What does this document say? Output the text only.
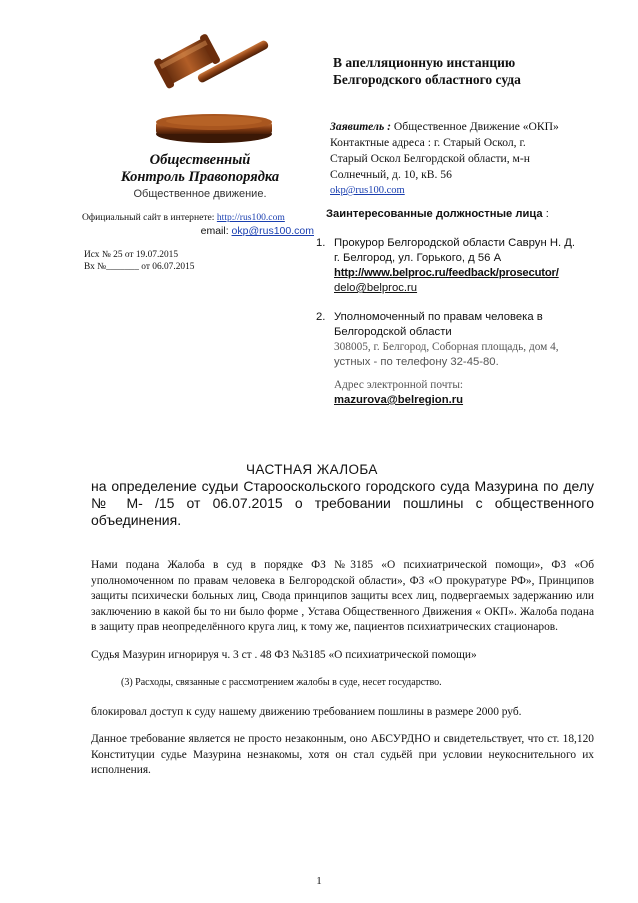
Общественный
Контроль Правопорядка
Общественное движение.
Официальный сайт в интернете: http://rus100.com
email: okp@rus100.com
Исх № 25 от 19.07.2015
Вх №_______ от 06.07.2015
В апелляционную инстанцию
Белгородского областного суда
Заявитель : Общественное Движение «ОКП»
Контактные адреса : г. Старый Оскол, г.
Старый Оскол Белгордской области, м-н
Солнечный, д. 10, кВ. 56
okp@rus100.com
Заинтересованные должностные лица :
1. Прокурор Белгородской области Саврун Н. Д.
г. Белгород, ул. Горького, д 56 А
http://www.belproc.ru/feedback/prosecutor/
delo@belproc.ru
2. Уполномоченный по правам человека в
Белгородской области
308005, г. Белгород, Соборная площадь, дом 4,
устных - по телефону 32-45-80.
Адрес электронной почты:
mazurova@belregion.ru
ЧАСТНАЯ ЖАЛОБА
на определение судьи Старооскольского городского суда Мазурина по делу № М- /15 от 06.07.2015 о требовании пошлины с общественного объединения.

Нами подана Жалоба в суд в порядке ФЗ №3185 «О психиатрической помощи», ФЗ «Об уполномоченном по правам человека в Белгородской области», ФЗ «О прокуратуре РФ», Принципов защиты психически больных лиц, Свода принципов защиты всех лиц, подвергаемых задержанию или заключению в какой бы то ни было форме , Устава Общественного Движения « ОКП». Жалоба подана в защиту прав неопределённого круга лиц, к тому же, пациентов психиатрических стационаров.

Судья Мазурин игнорируя ч. 3 ст . 48 ФЗ №3185 «О психиатрической помощи»

(3) Расходы, связанные с рассмотрением жалобы в суде, несет государство.

блокировал доступ к суду нашему движению требованием пошлины в размере 2000 руб.

Данное требование является не просто незаконным, оно АБСУРДНО и свидетельствует, что ст. 18,120 Конституции судье Мазурина незнакомы, хотя он стал судьёй при условии неукоснительного их исполнения.

1
